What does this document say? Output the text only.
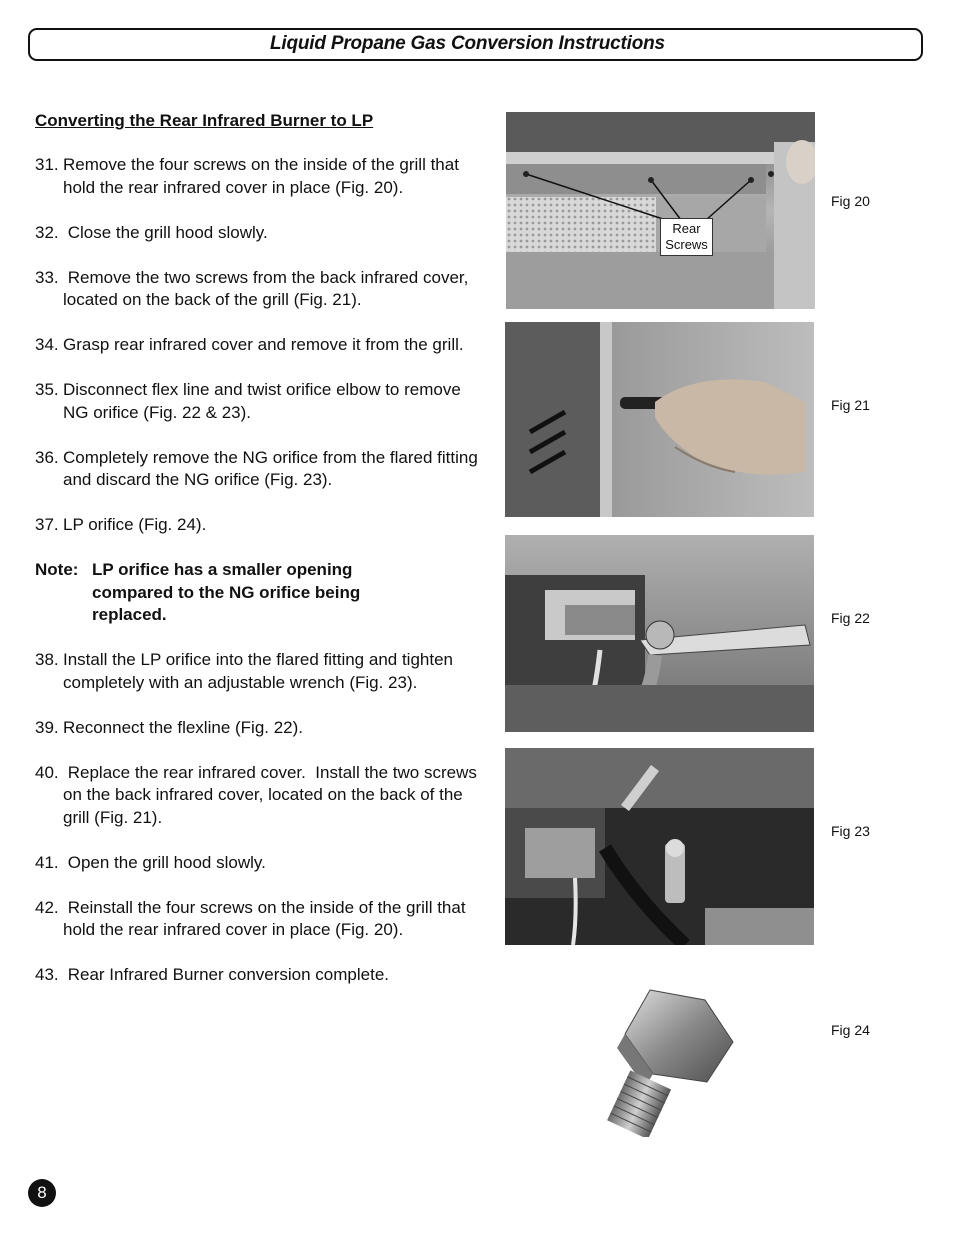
Liquid Propane Gas Conversion Instructions
Converting the Rear Infrared Burner to LP
31. Remove the four screws on the inside of the grill that hold the rear infrared cover in place (Fig. 20).
32. Close the grill hood slowly.
33. Remove the two screws from the back infrared cover, located on the back of the grill (Fig. 21).
34. Grasp rear infrared cover and remove it from the grill.
35. Disconnect flex line and twist orifice elbow to remove NG orifice (Fig. 22 & 23).
36. Completely remove the NG orifice from the flared fitting and discard the NG orifice (Fig. 23).
37. LP orifice (Fig. 24).
Note: LP orifice has a smaller opening compared to the NG orifice being replaced.
38. Install the LP orifice into the flared fitting and tighten completely with an adjustable wrench (Fig. 23).
39. Reconnect the flexline (Fig. 22).
40. Replace the rear infrared cover.  Install the two screws on the back infrared cover, located on the back of the grill (Fig. 21).
41. Open the grill hood slowly.
42. Reinstall the four screws on the inside of the grill that hold the rear infrared cover in place (Fig. 20).
43. Rear Infrared Burner conversion complete.
Rear
Screws
Fig 20
Fig 21
Fig 22
Fig 23
Fig 24
8
